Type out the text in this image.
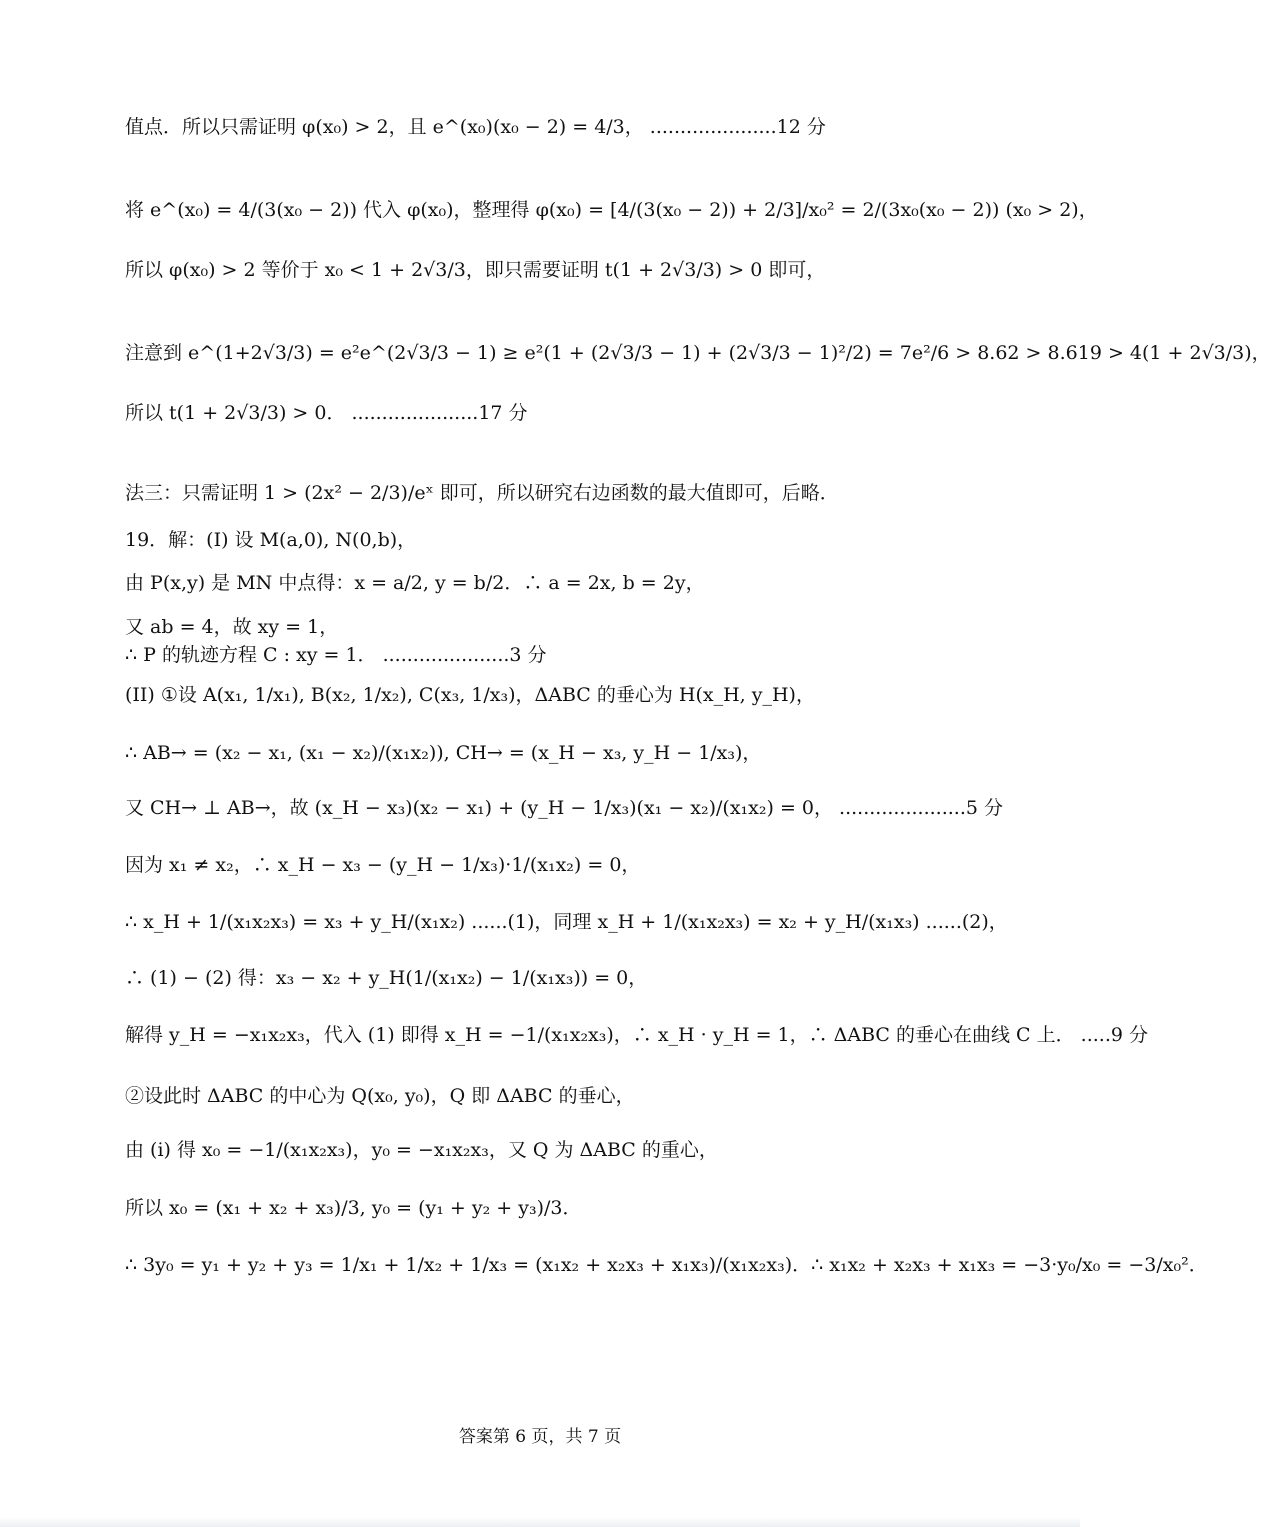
值点．所以只需证明 φ(x₀) > 2，且 e^(x₀)(x₀ − 2) = 4/3， .....................12 分
将 e^(x₀) = 4/(3(x₀ − 2)) 代入 φ(x₀)，整理得 φ(x₀) = [4/(3(x₀ − 2)) + 2/3]/x₀² = 2/(3x₀(x₀ − 2)) (x₀ > 2)，
所以 φ(x₀) > 2 等价于 x₀ < 1 + 2√3/3，即只需要证明 t(1 + 2√3/3) > 0 即可，
注意到 e^(1+2√3/3) = e²e^(2√3/3 − 1) ≥ e²(1 + (2√3/3 − 1) + (2√3/3 − 1)²/2) = 7e²/6 > 8.62 > 8.619 > 4(1 + 2√3/3)，
所以 t(1 + 2√3/3) > 0． .....................17 分
法三：只需证明 1 > (2x² − 2/3)/eˣ 即可，所以研究右边函数的最大值即可，后略．
19．解：(I) 设 M(a,0), N(0,b)，
由 P(x,y) 是 MN 中点得：x = a/2, y = b/2．∴ a = 2x, b = 2y，
又 ab = 4，故 xy = 1，
∴ P 的轨迹方程 C : xy = 1． .....................3 分
(II) ①设 A(x₁, 1/x₁), B(x₂, 1/x₂), C(x₃, 1/x₃)，ΔABC 的垂心为 H(x_H, y_H)，
∴ AB→ = (x₂ − x₁, (x₁ − x₂)/(x₁x₂)), CH→ = (x_H − x₃, y_H − 1/x₃)，
又 CH→ ⊥ AB→，故 (x_H − x₃)(x₂ − x₁) + (y_H − 1/x₃)(x₁ − x₂)/(x₁x₂) = 0， .....................5 分
因为 x₁ ≠ x₂，∴ x_H − x₃ − (y_H − 1/x₃)·1/(x₁x₂) = 0，
∴ x_H + 1/(x₁x₂x₃) = x₃ + y_H/(x₁x₂) ......(1)，同理 x_H + 1/(x₁x₂x₃) = x₂ + y_H/(x₁x₃) ......(2)，
∴ (1) − (2) 得：x₃ − x₂ + y_H(1/(x₁x₂) − 1/(x₁x₃)) = 0，
解得 y_H = −x₁x₂x₃，代入 (1) 即得 x_H = −1/(x₁x₂x₃)，∴ x_H · y_H = 1，∴ ΔABC 的垂心在曲线 C 上． .....9 分
②设此时 ΔABC 的中心为 Q(x₀, y₀)，Q 即 ΔABC 的垂心，
由 (i) 得 x₀ = −1/(x₁x₂x₃)，y₀ = −x₁x₂x₃，又 Q 为 ΔABC 的重心，
所以 x₀ = (x₁ + x₂ + x₃)/3, y₀ = (y₁ + y₂ + y₃)/3．
∴ 3y₀ = y₁ + y₂ + y₃ = 1/x₁ + 1/x₂ + 1/x₃ = (x₁x₂ + x₂x₃ + x₁x₃)/(x₁x₂x₃)．∴ x₁x₂ + x₂x₃ + x₁x₃ = −3·y₀/x₀ = −3/x₀²．
答案第 6 页，共 7 页
